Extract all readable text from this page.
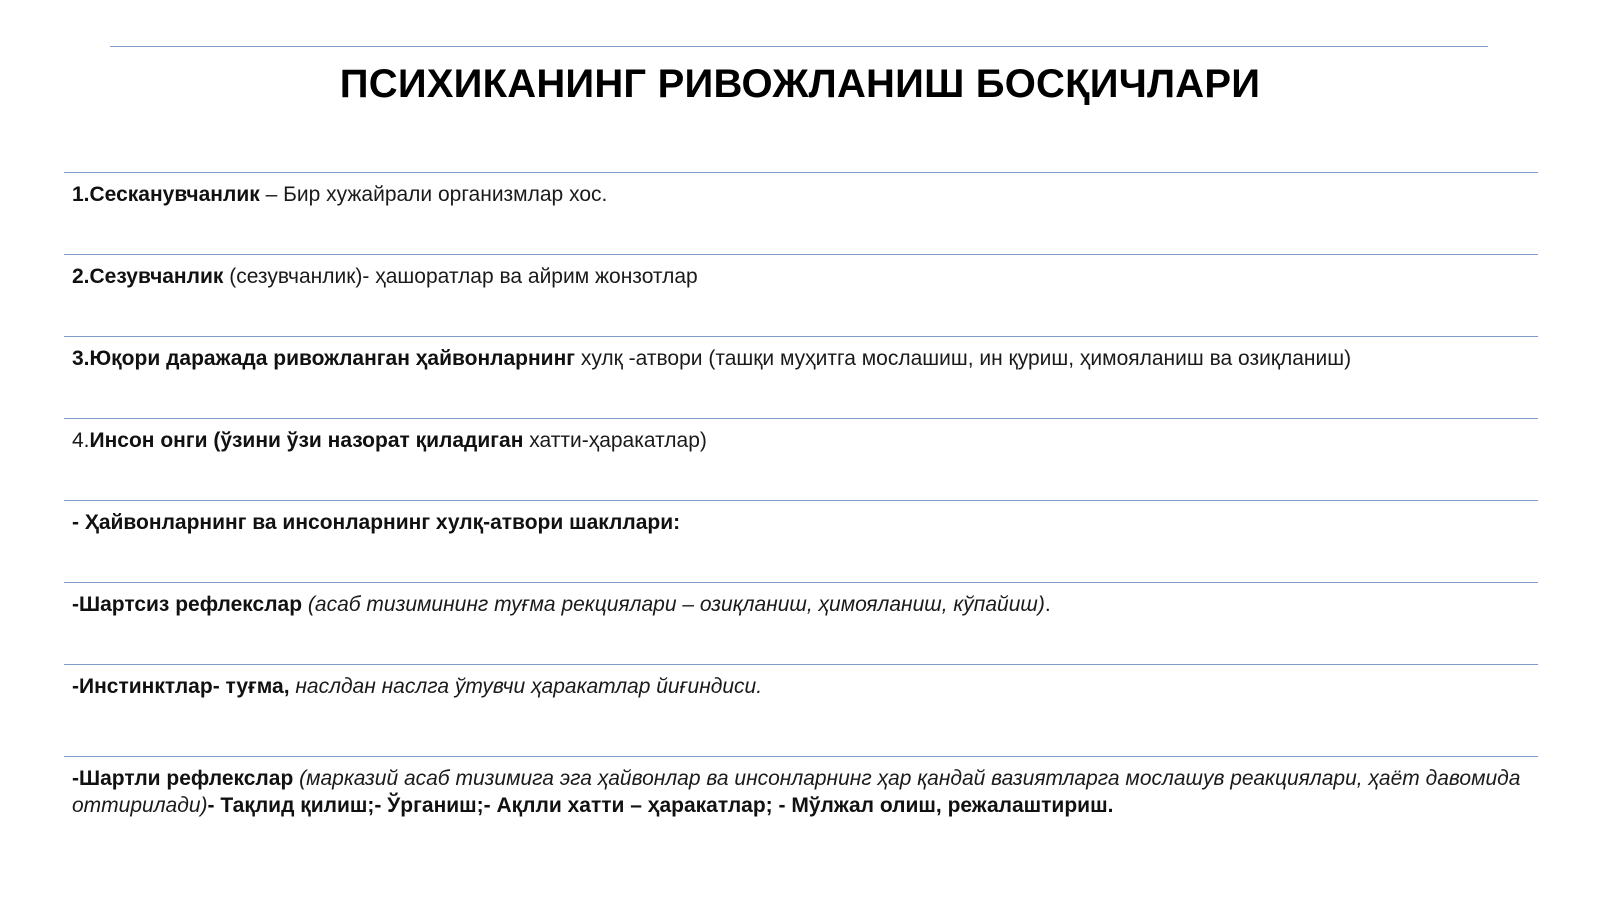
ПСИХИКАНИНГ РИВОЖЛАНИШ БОСҚИЧЛАРИ
1.Сесканувчанлик – Бир хужайрали организмлар хос.
2.Сезувчанлик (сезувчанлик)- ҳашоратлар ва айрим жонзотлар
3.Юқори даражада ривожланган ҳайвонларнинг хулқ -атвори (ташқи муҳитга мослашиш, ин қуриш, ҳимояланиш ва озиқланиш)
4.Инсон онги (ўзини ўзи назорат қиладиган хатти-ҳаракатлар)
- Ҳайвонларнинг ва инсонларнинг хулқ-атвори шакллари:
-Шартсиз рефлекслар (асаб тизимининг туғма рекциялари – озиқланиш, ҳимояланиш, кўпайиш).
-Инстинктлар- туғма, наслдан наслга ўтувчи ҳаракатлар йиғиндиси.
-Шартли рефлекслар (марказий асаб тизимига эга ҳайвонлар ва инсонларнинг ҳар қандай вазиятларга мослашув реакциялари, ҳаёт давомида оттирилади)- Тақлид қилиш;- Ўрганиш;- Ақлли хатти – ҳаракатлар; - Мўлжал олиш, режалаштириш.
